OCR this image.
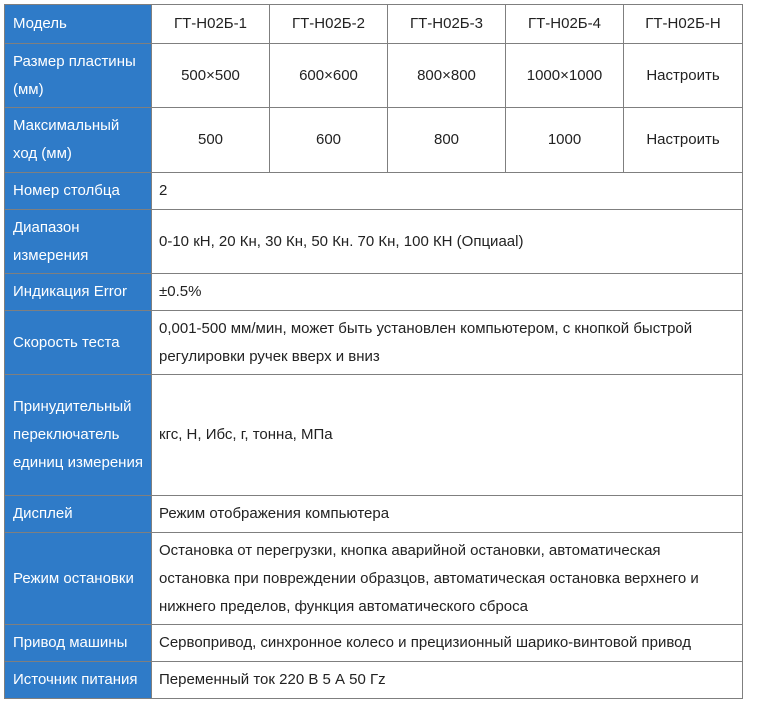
Модель	ГТ-Н02Б-1	ГТ-Н02Б-2	ГТ-Н02Б-3	ГТ-Н02Б-4	ГТ-Н02Б-Н
Размер пластины (мм)	500×500	600×600	800×800	1000×1000	Настроить
Максимальный ход (мм)	500	600	800	1000	Настроить
Номер столбца	2				
Диапазон измерения	0-10 кН, 20 Кн, 30 Кн, 50 Кн. 70 Кн, 100 КН (Опциаal)				
Индикация Error	±0.5%				
Скорость теста	0,001-500 мм/мин, может быть установлен компьютером, с кнопкой быстрой регулировки ручек вверх и вниз				
Принудительный переключатель единиц измерения	кгс, Н, Ибс, г, тонна, МПа				
Дисплей	Режим отображения компьютера				
Режим остановки	Остановка от перегрузки, кнопка аварийной остановки, автоматическая остановка при повреждении образцов, автоматическая остановка верхнего и нижнего пределов, функция автоматического сброса				
Привод машины	Сервопривод, синхронное колесо и прецизионный шарико-винтовой привод				
Источник питания	Переменный ток 220 В 5 А 50 Гz				
